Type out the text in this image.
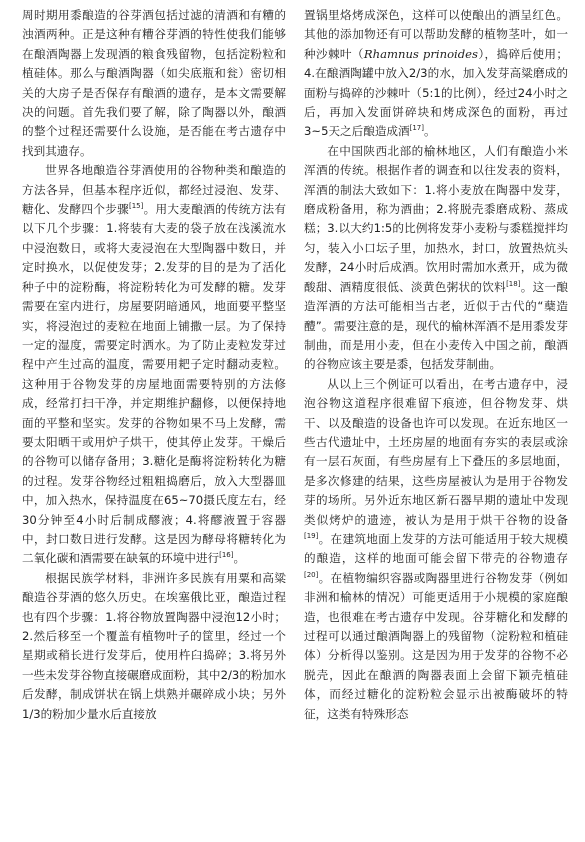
周时期用黍酿造的谷芽酒包括过滤的清酒和有糟的浊酒两种。正是这种有糟谷芽酒的特性使我们能够在酿酒陶器上发现酒的粮食残留物，包括淀粉粒和植硅体。那么与酿酒陶器（如尖底瓶和瓮）密切相关的大房子是否保存有酿酒的遗存，是本文需要解决的问题。首先我们要了解，除了陶器以外，酿酒的整个过程还需要什么设施，是否能在考古遗存中找到其遗存。

世界各地酿造谷芽酒使用的谷物种类和酿造的方法各异，但基本程序近似，都经过浸泡、发芽、糖化、发酵四个步骤[15]。用大麦酿酒的传统方法有以下几个步骤：1.将装有大麦的袋子放在浅溪流水中浸泡数日，或将大麦浸泡在大型陶器中数日，并定时换水，以促使发芽；2.发芽的目的是为了活化种子中的淀粉酶，将淀粉转化为可发酵的糖。发芽需要在室内进行，房屋要阴暗通风，地面要平整坚实，将浸泡过的麦粒在地面上铺撒一层。为了保持一定的湿度，需要定时洒水。为了防止麦粒发芽过程中产生过高的温度，需要用耙子定时翻动麦粒。这种用于谷物发芽的房屋地面需要特别的方法修成，经常打扫干净，并定期维护翻修，以便保持地面的平整和坚实。发芽的谷物如果不马上发酵，需要太阳晒干或用炉子烘干，使其停止发芽。干燥后的谷物可以储存备用；3.糖化是酶将淀粉转化为糖的过程。发芽谷物经过粗粗捣磨后，放入大型器皿中，加入热水，保持温度在65~70摄氏度左右，经30分钟至4小时后制成醪液；4.将醪液置于容器中，封口数日进行发酵。这是因为酵母将糖转化为二氧化碳和酒需要在缺氧的环境中进行[16]。

根据民族学材料，非洲许多民族有用粟和高粱酿造谷芽酒的悠久历史。在埃塞俄比亚，酿造过程也有四个步骤：1.将谷物放置陶器中浸泡12小时；2.然后移至一个覆盖有植物叶子的筐里，经过一个星期或稍长进行发芽后，使用杵臼捣碎；3.将另外一些未发芽谷物直接碾磨成面粉，其中2/3的粉加水后发酵，制成饼状在锅上烘熟并碾碎成小块；另外1/3的粉加少量水后直接放

置锅里烙烤成深色，这样可以使酿出的酒呈红色。其他的添加物还有可以帮助发酵的植物茎叶，如一种沙棘叶（Rhamnus prinoides），捣碎后使用；4.在酿酒陶罐中放入2/3的水，加入发芽高粱磨成的面粉与捣碎的沙棘叶（5:1的比例），经过24小时之后，再加入发面饼碎块和烤成深色的面粉，再过3~5天之后酿造成酒[17]。

在中国陕西北部的榆林地区，人们有酿造小米浑酒的传统。根据作者的调查和以往发表的资料，浑酒的制法大致如下：1.将小麦放在陶器中发芽，磨成粉备用，称为酒曲；2.将脱壳黍磨成粉、蒸成糕；3.以大约1:5的比例将发芽小麦粉与黍糕搅拌均匀，装入小口坛子里，加热水，封口，放置热炕头发酵，24小时后成酒。饮用时需加水煮开，成为微酸甜、酒精度很低、淡黄色粥状的饮料[18]。这一酿造浑酒的方法可能相当古老，近似于古代的“蘖造醴”。需要注意的是，现代的榆林浑酒不是用黍发芽制曲，而是用小麦，但在小麦传入中国之前，酿酒的谷物应该主要是黍，包括发芽制曲。

从以上三个例证可以看出，在考古遗存中，浸泡谷物这道程序很难留下痕迹，但谷物发芽、烘干、以及酿造的设备也许可以发现。在近东地区一些古代遗址中，土坯房屋的地面有夯实的表层或涂有一层石灰面，有些房屋有上下叠压的多层地面，是多次修建的结果，这些房屋被认为是用于谷物发芽的场所。另外近东地区新石器早期的遗址中发现类似烤炉的遗迹，被认为是用于烘干谷物的设备[19]。在建筑地面上发芽的方法可能适用于较大规模的酿造，这样的地面可能会留下带壳的谷物遗存[20]。在植物编织容器或陶器里进行谷物发芽（例如非洲和榆林的情况）可能更适用于小规模的家庭酿造，也很难在考古遗存中发现。谷芽糖化和发酵的过程可以通过酿酒陶器上的残留物（淀粉粒和植硅体）分析得以鉴别。这是因为用于发芽的谷物不必脱壳，因此在酿酒的陶器表面上会留下颖壳植硅体，而经过糖化的淀粉粒会显示出被酶破坏的特征，这类有特殊形态
